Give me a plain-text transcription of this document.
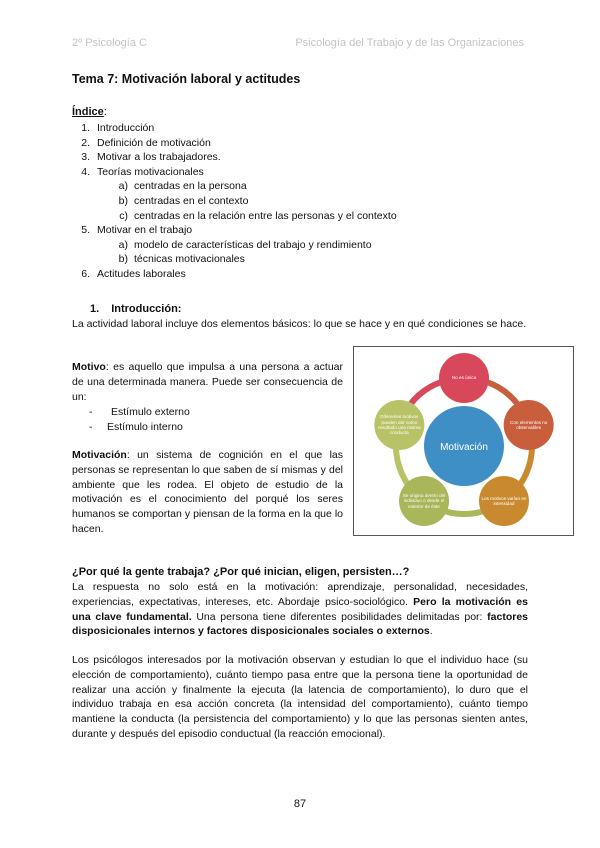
2º Psicología C	Psicología del Trabajo y de las Organizaciones
Tema 7: Motivación laboral y actitudes
Índice:
1. Introducción
2. Definición de motivación
3. Motivar a los trabajadores.
4. Teorías motivacionales
a) centradas en la persona
b) centradas en el contexto
c) centradas en la relación entre las personas y el contexto
5. Motivar en el trabajo
a) modelo de características del trabajo y rendimiento
b) técnicas motivacionales
6. Actitudes laborales
1. Introducción:
La actividad laboral incluye dos elementos básicos: lo que se hace y en qué condiciones se hace.
Motivo: es aquello que impulsa a una persona a actuar de una determinada manera. Puede ser consecuencia de un:
- Estímulo externo
- Estímulo interno
Motivación: un sistema de cognición en el que las personas se representan lo que saben de sí mismas y del ambiente que les rodea. El objeto de estudio de la motivación es el conocimiento del porqué los seres humanos se comportan y piensan de la forma en la que lo hacen.
No es única
Con elementos no observables
Los motivos varían en intensidad
Se origina dentro del individuo o desde el exterior de éste
Diferentes motivos pueden dar como resultado una misma conducta
Motivación
¿Por qué la gente trabaja? ¿Por qué inician, eligen, persisten…?
La respuesta no solo está en la motivación: aprendizaje, personalidad, necesidades, experiencias, expectativas, intereses, etc. Abordaje psico-sociológico. Pero la motivación es una clave fundamental. Una persona tiene diferentes posibilidades delimitadas por: factores disposicionales internos y factores disposicionales sociales o externos.
Los psicólogos interesados por la motivación observan y estudian lo que el individuo hace (su elección de comportamiento), cuánto tiempo pasa entre que la persona tiene la oportunidad de realizar una acción y finalmente la ejecuta (la latencia de comportamiento), lo duro que el individuo trabaja en esa acción concreta (la intensidad del comportamiento), cuánto tiempo mantiene la conducta (la persistencia del comportamiento) y lo que las personas sienten antes, durante y después del episodio conductual (la reacción emocional).
87
